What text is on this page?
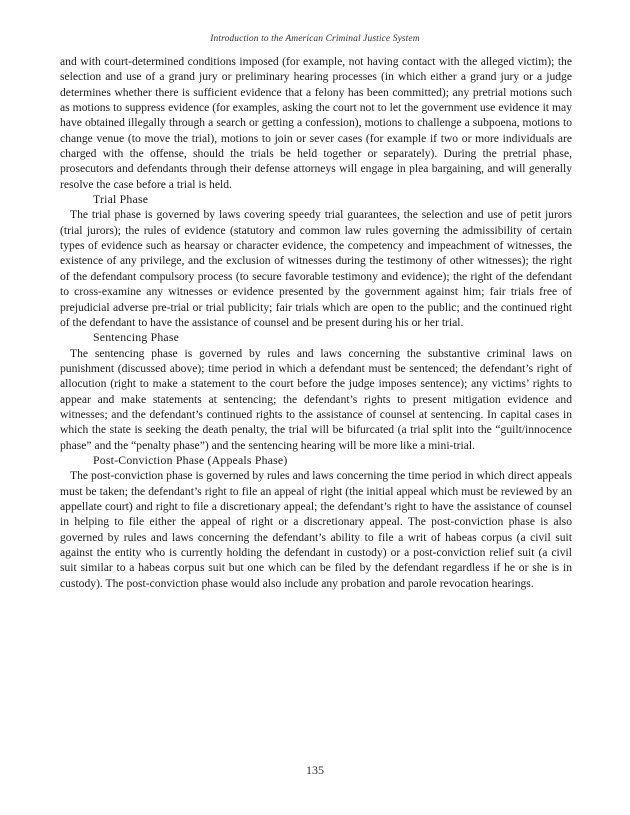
Introduction to the American Criminal Justice System

and with court-determined conditions imposed (for example, not having contact with the alleged victim); the selection and use of a grand jury or preliminary hearing processes (in which either a grand jury or a judge determines whether there is sufficient evidence that a felony has been committed); any pretrial motions such as motions to suppress evidence (for examples, asking the court not to let the government use evidence it may have obtained illegally through a search or getting a confession), motions to challenge a subpoena, motions to change venue (to move the trial), motions to join or sever cases (for example if two or more individuals are charged with the offense, should the trials be held together or separately). During the pretrial phase, prosecutors and defendants through their defense attorneys will engage in plea bargaining, and will generally resolve the case before a trial is held.

Trial Phase

The trial phase is governed by laws covering speedy trial guarantees, the selection and use of petit jurors (trial jurors); the rules of evidence (statutory and common law rules governing the admissibility of certain types of evidence such as hearsay or character evidence, the competency and impeachment of witnesses, the existence of any privilege, and the exclusion of witnesses during the testimony of other witnesses); the right of the defendant compulsory process (to secure favorable testimony and evidence); the right of the defendant to cross-examine any witnesses or evidence presented by the government against him; fair trials free of prejudicial adverse pre-trial or trial publicity; fair trials which are open to the public; and the continued right of the defendant to have the assistance of counsel and be present during his or her trial.

Sentencing Phase

The sentencing phase is governed by rules and laws concerning the substantive criminal laws on punishment (discussed above); time period in which a defendant must be sentenced; the defendant’s right of allocution (right to make a statement to the court before the judge imposes sentence); any victims’ rights to appear and make statements at sentencing; the defendant’s rights to present mitigation evidence and witnesses; and the defendant’s continued rights to the assistance of counsel at sentencing. In capital cases in which the state is seeking the death penalty, the trial will be bifurcated (a trial split into the “guilt/innocence phase” and the “penalty phase”) and the sentencing hearing will be more like a mini-trial.

Post-Conviction Phase (Appeals Phase)

The post-conviction phase is governed by rules and laws concerning the time period in which direct appeals must be taken; the defendant’s right to file an appeal of right (the initial appeal which must be reviewed by an appellate court) and right to file a discretionary appeal; the defendant’s right to have the assistance of counsel in helping to file either the appeal of right or a discretionary appeal. The post-conviction phase is also governed by rules and laws concerning the defendant’s ability to file a writ of habeas corpus (a civil suit against the entity who is currently holding the defendant in custody) or a post-conviction relief suit (a civil suit similar to a habeas corpus suit but one which can be filed by the defendant regardless if he or she is in custody). The post-conviction phase would also include any probation and parole revocation hearings.

135
